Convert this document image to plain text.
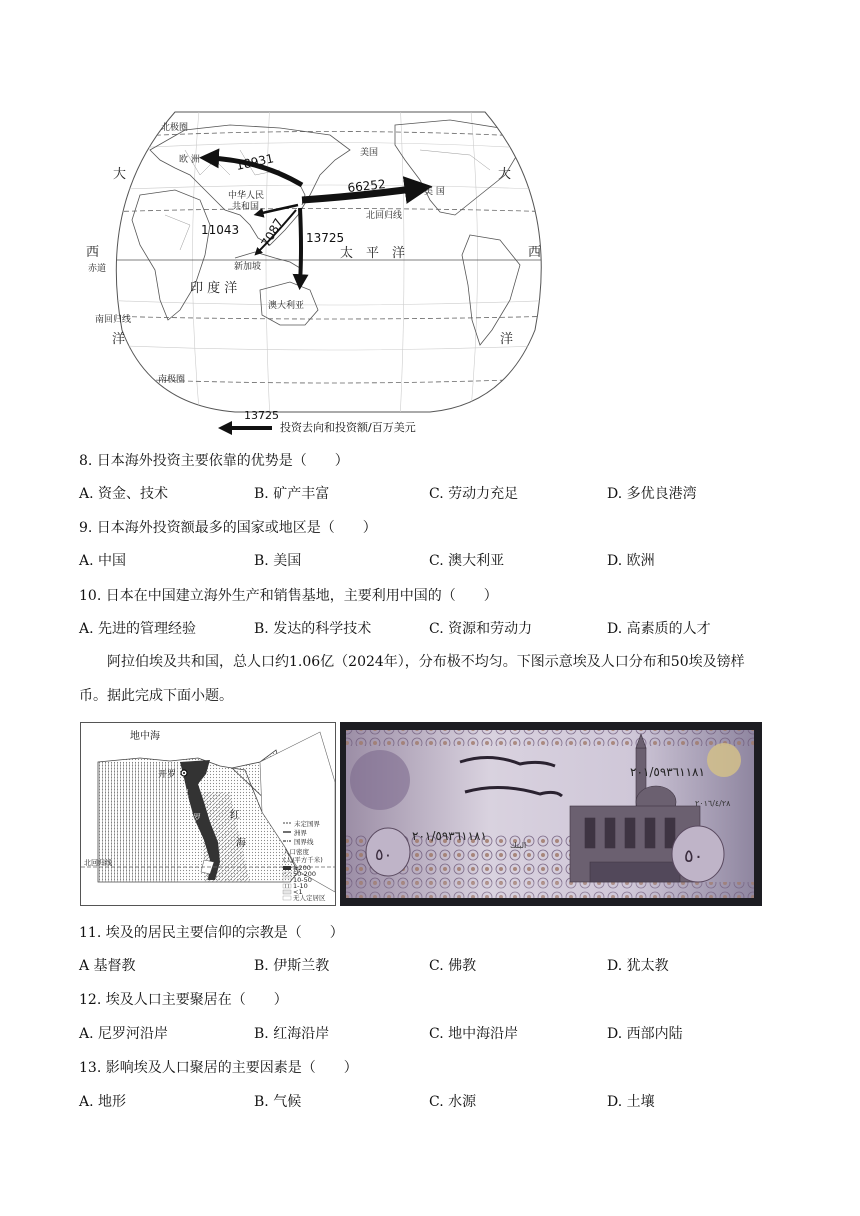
北极圈
欧 洲
中华人民
共和国
美国
美 国
北回归线
赤道	新加坡
澳大利亚
南回归线
南极圈
印 度 洋
太　平　洋
大
西
洋
大
西
洋
18931
66252
11043 7087 13725
13725
投资去向和投资额/百万美元
8. 日本海外投资主要依靠的优势是（　　）
A. 资金、技术	B. 矿产丰富	C. 劳动力充足	D. 多优良港湾
9. 日本海外投资额最多的国家或地区是（　　）
A. 中国	B. 美国	C. 澳大利亚	D. 欧洲
10. 日本在中国建立海外生产和销售基地，主要利用中国的（　　）
A. 先进的管理经验	B. 发达的科学技术	C. 资源和劳动力	D. 高素质的人才
阿拉伯埃及共和国，总人口约1.06亿（2024年），分布极不均匀。下图示意埃及人口分布和50埃及镑样币。据此完成下面小题。
地中海
开罗
红
海
尼
罗
北回归线
未定国界
洲界
国界线
人口密度
(人/平方千米)
≥200
50-200
10-50
1-10
<1
无人定居区
٥٠
٥٠
٢٠١/٥٩٣٦١١٨١
٢٠١/٥٩٣٦١١٨١
٢٠١٦/٤/٢٨
البنك
11. 埃及的居民主要信仰的宗教是（　　）
A 基督教	B. 伊斯兰教	C. 佛教	D. 犹太教
12. 埃及人口主要聚居在（　　）
A. 尼罗河沿岸	B. 红海沿岸	C. 地中海沿岸	D. 西部内陆
13. 影响埃及人口聚居的主要因素是（　　）
A. 地形	B. 气候	C. 水源	D. 土壤
